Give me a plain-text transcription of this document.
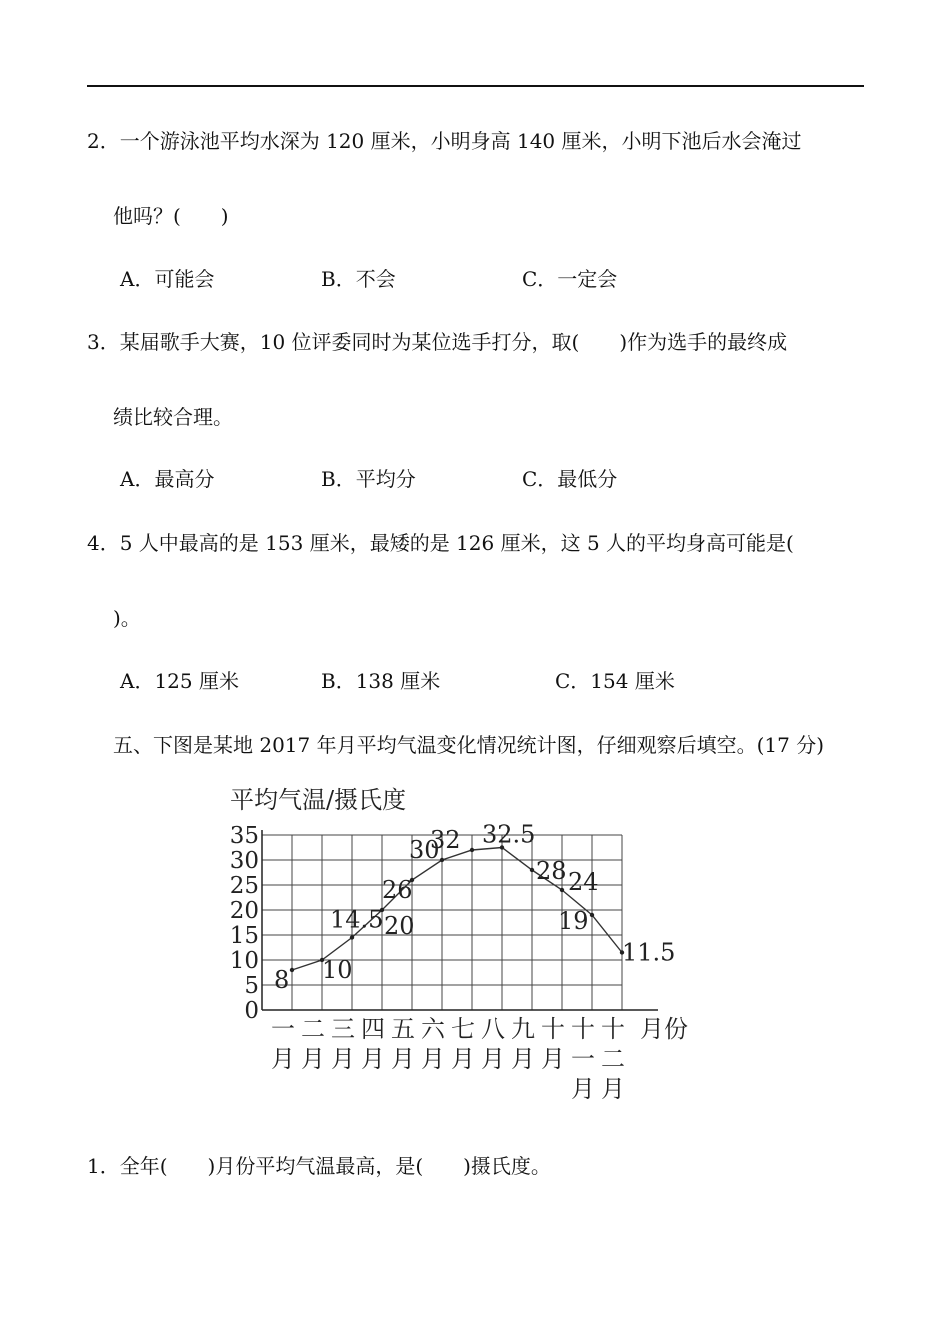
2．一个游泳池平均水深为 120 厘米，小明身高 140 厘米，小明下池后水会淹过
他吗？(　　)
A．可能会	B．不会	C．一定会
3．某届歌手大赛，10 位评委同时为某位选手打分，取(　　)作为选手的最终成
绩比较合理。
A．最高分	B．平均分	C．最低分
4．5 人中最高的是 153 厘米，最矮的是 126 厘米，这 5 人的平均身高可能是(
)。
A．125 厘米	B．138 厘米	C．154 厘米
五、下图是某地 2017 年月平均气温变化情况统计图，仔细观察后填空。(17 分)
平均气温/摄氏度
0
5
10
15
20
25
30
35
一
月
二
月
三
月
四
月
五
月
六
月
七
月
八
月
九
月
十
月
十
一
月
十
二
月
8 10
14.5 20
26
30
32 32.5
28 24
19
11.5
月份
1．全年(　　)月份平均气温最高，是(　　)摄氏度。
